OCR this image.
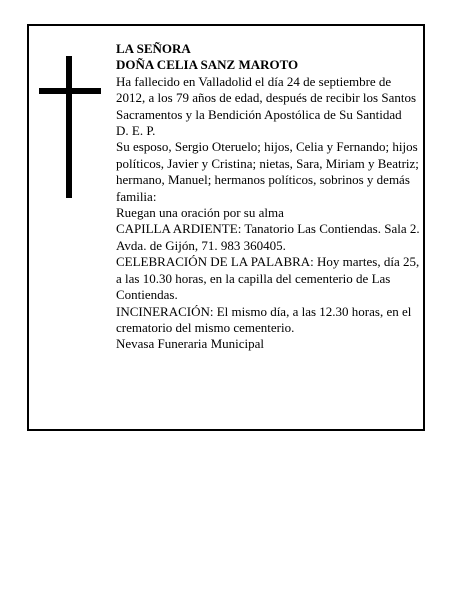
LA SEÑORA

DOÑA CELIA SANZ MAROTO

Ha fallecido en Valladolid el día 24 de septiembre de 2012, a los 79 años de edad, después de recibir los Santos Sacramentos y la Bendición Apostólica de Su Santidad

D. E. P.

Su esposo, Sergio Oteruelo; hijos, Celia y Fernando; hijos políticos, Javier y Cristina; nietas, Sara, Miriam y Beatriz; hermano, Manuel; hermanos políticos, sobrinos y demás familia:

Ruegan una oración por su alma

CAPILLA ARDIENTE: Tanatorio Las Contiendas. Sala 2. Avda. de Gijón, 71. 983 360405.

CELEBRACIÓN DE LA PALABRA: Hoy martes, día 25, a las 10.30 horas, en la capilla del cementerio de Las Contiendas.

INCINERACIÓN: El mismo día, a las 12.30 horas, en el crematorio del mismo cementerio.

Nevasa Funeraria Municipal
